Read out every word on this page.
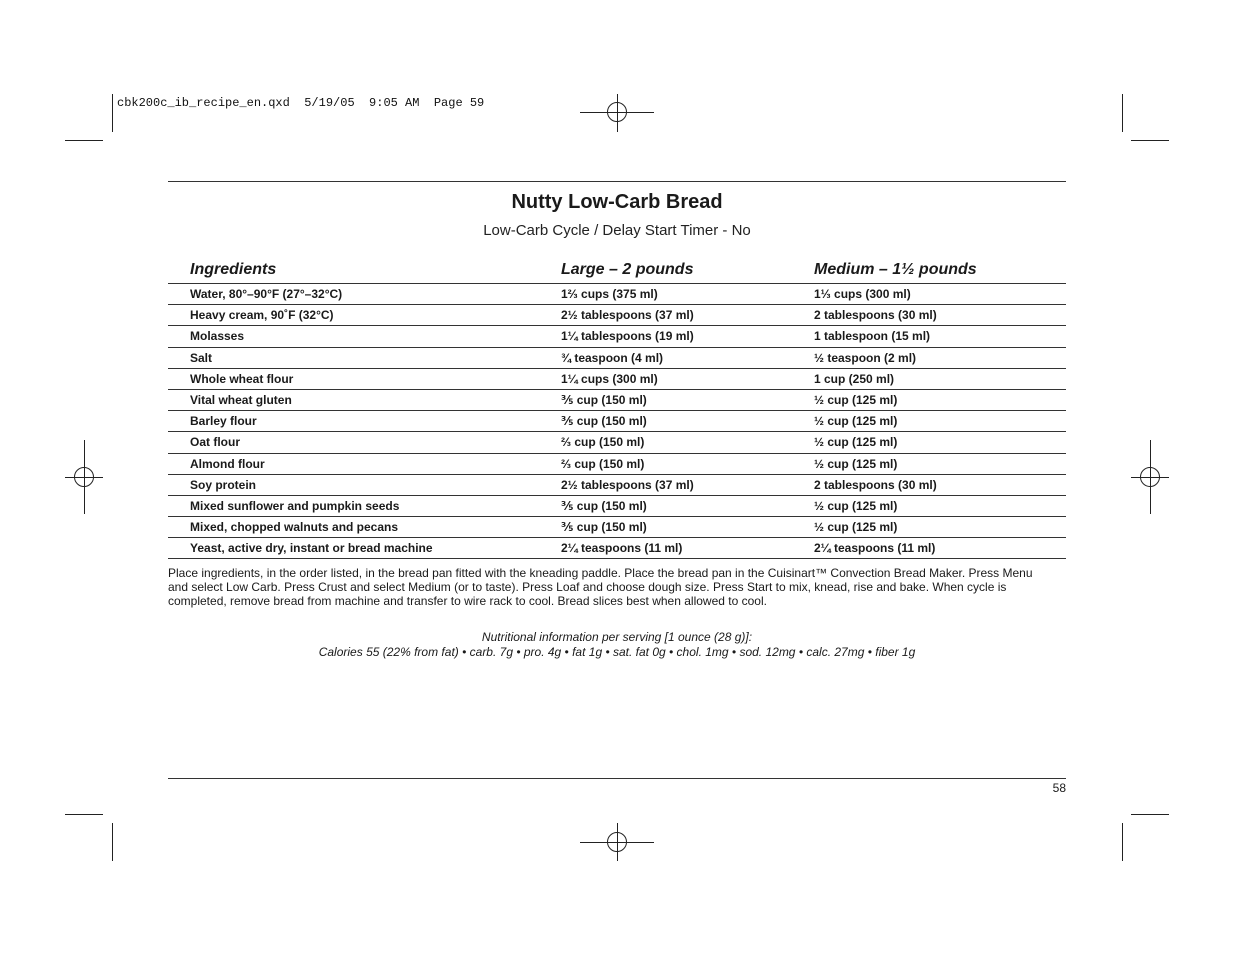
cbk200c_ib_recipe_en.qxd  5/19/05  9:05 AM  Page 59
Nutty Low-Carb Bread
Low-Carb Cycle / Delay Start Timer - No
Ingredients	Large – 2 pounds	Medium – 1½ pounds
Water, 80°–90°F (27°–32°C)	1⅔ cups (375 ml)	1⅓ cups (300 ml)
Heavy cream, 90˚F (32°C)	2½ tablespoons (37 ml)	2 tablespoons (30 ml)
Molasses	1¼ tablespoons (19 ml)	1 tablespoon (15 ml)
Salt	¾ teaspoon (4 ml)	½ teaspoon (2 ml)
Whole wheat flour	1¼ cups (300 ml)	1 cup (250 ml)
Vital wheat gluten	⅗ cup (150 ml)	½ cup (125 ml)
Barley flour	⅗ cup (150 ml)	½ cup (125 ml)
Oat flour	⅔ cup (150 ml)	½ cup (125 ml)
Almond flour	⅔ cup (150 ml)	½ cup (125 ml)
Soy protein	2½ tablespoons (37 ml)	2 tablespoons (30 ml)
Mixed sunflower and pumpkin seeds	⅗ cup (150 ml)	½ cup (125 ml)
Mixed, chopped walnuts and pecans	⅗ cup (150 ml)	½ cup (125 ml)
Yeast, active dry, instant or bread machine	2¼ teaspoons (11 ml)	2¼ teaspoons (11 ml)
Place ingredients, in the order listed, in the bread pan fitted with the kneading paddle. Place the bread pan in the Cuisinart™ Convection Bread Maker. Press Menu and select Low Carb. Press Crust and select Medium (or to taste). Press Loaf and choose dough size. Press Start to mix, knead, rise and bake. When cycle is completed, remove bread from machine and transfer to wire rack to cool. Bread slices best when allowed to cool.
Nutritional information per serving [1 ounce (28 g)]:
Calories 55 (22% from fat) • carb. 7g • pro. 4g • fat 1g • sat. fat 0g • chol. 1mg • sod. 12mg • calc. 27mg • fiber 1g
58
